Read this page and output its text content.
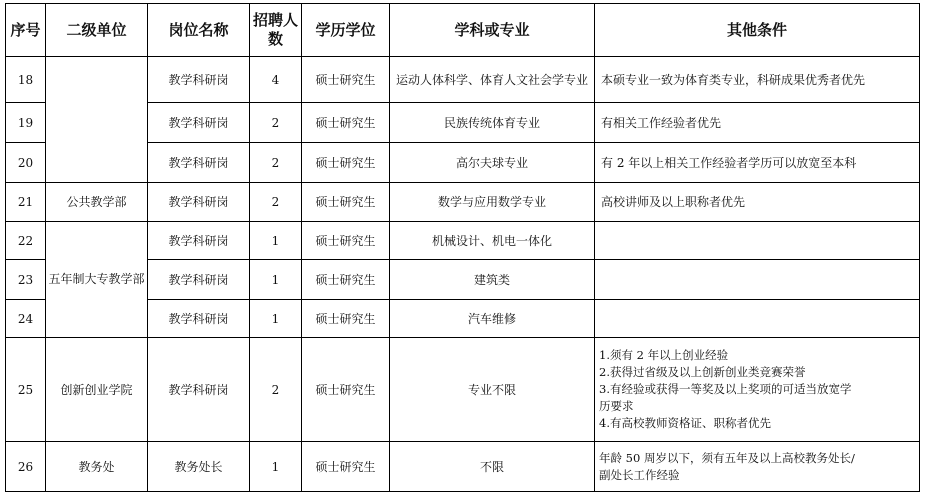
序号	二级单位	岗位名称	招聘人数	学历学位	学科或专业	其他条件
18		教学科研岗	4	硕士研究生	运动人体科学、体育人文社会学专业	本硕专业一致为体育类专业，科研成果优秀者优先
19		教学科研岗	2	硕士研究生	民族传统体育专业	有相关工作经验者优先
20		教学科研岗	2	硕士研究生	高尔夫球专业	有 2 年以上相关工作经验者学历可以放宽至本科
21	公共教学部	教学科研岗	2	硕士研究生	数学与应用数学专业	高校讲师及以上职称者优先
22	五年制大专教学部	教学科研岗	1	硕士研究生	机械设计、机电一体化	
23		教学科研岗	1	硕士研究生	建筑类	
24		教学科研岗	1	硕士研究生	汽车维修	
25	创新创业学院	教学科研岗	2	硕士研究生	专业不限	1.须有 2 年以上创业经验
2.获得过省级及以上创新创业类竞赛荣誉
3.有经验或获得一等奖及以上奖项的可适当放宽学
历要求
4.有高校教师资格证、职称者优先

26	教务处	教务处长	1	硕士研究生	不限	年龄 50 周岁以下，须有五年及以上高校教务处长/
副处长工作经验
